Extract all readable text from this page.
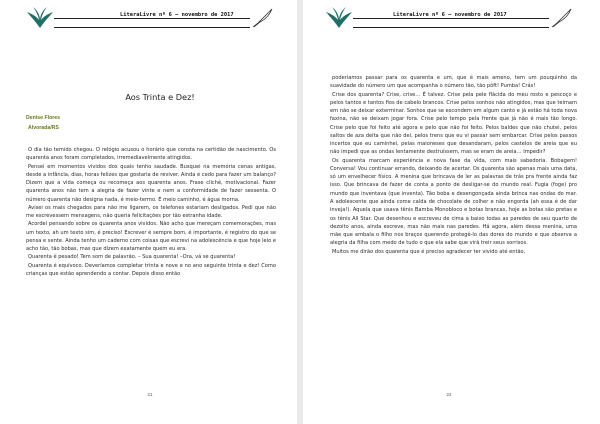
LiteraLivre nº 6 – novembro de 2017
Aos Trinta e Dez!
Denise Flores
Alvorada/RS

O dia tão temido chegou. O relógio acusou o horário que consta na certidão de nascimento. Os quarenta anos foram completados, irremediavelmente atingidos.

Pensei em momentos vividos dos quais tenho saudade. Busquei na memória cenas antigas, desde a infância, dias, horas felizes que gostaria de reviver. Ainda é cedo para fazer um balanço? Dizem que a vida começa ou recomeça aos quarenta anos. Frase clichê, motivacional. Fazer quarenta anos não tem a alegria de fazer vinte e nem a conformidade de fazer sessenta. O número quarenta não designa nada, é meio-termo. É meio caminho, é água morna.

Avisei os mais chegados para não me ligarem, os telefones estariam desligados. Pedi que não me escrevessem mensagens, não queria felicitações por tão estranha idade.

Acordei pensando sobre os quarenta anos vividos. Não acho que mereçam comemorações, mas um texto, ah um texto sim, é preciso! Escrever é sempre bom, é importante, é registro do que se pensa e sente. Ainda tenho um caderno com coisas que escrevi na adolescência e que hoje leio e acho tão, tão bobas, mas que dizem exatamente quem eu era.

Quarenta é pesado! Tem som de palavrão. – Sua quarenta! –Ora, vá se quarenta!

Quarenta é equívoco. Deveríamos completar trinta e nove e no ano seguinte trinta e dez! Como crianças que estão aprendendo a contar. Depois disso então

21
LiteraLivre nº 6 – novembro de 2017

poderíamos passar para os quarenta e um, que é mais ameno, tem um pouquinho da suavidade do número um que acompanha o número tão, tão pôft! Pumba! Crás!

Crise dos quarenta? Crise, crise… É talvez. Crise pela pele flácida do meu rosto e pescoço e pelos tantos e tantos fios de cabelo brancos. Crise pelos sonhos não atingidos, mas que teimam em não se deixar exterminar. Sonhos que se escondem em algum canto e já estão há toda nova faxina, não se deixam jogar fora. Crise pelo tempo pela frente que já não é mais tão longo. Crise pelo que foi feito até agora e pelo que não foi feito. Pelos baldes que não chutei, pelos saltos de aza delta que não dei, pelos trens que eu vi passar sem embarcar. Crise pelos passos incertos que eu caminhei, pelas maioneses que desandaram, pelos castelos de areia que eu não impedi que as ondas lentamente destruíssem, mas se eram de areia… Impedir?

Os quarenta marcam experiência e nova fase da vida, com mais sabedoria. Bobagem! Conversa! Vou continuar errando, deixando de acertar. Os quarenta são apenas mais uma data, só um envelhecer físico. A menina que brincava de ler as palavras de trás pra frente ainda faz isso. Que brincava de fazer de conta a ponto de desligar-se do mundo real. Fugia (foge) pro mundo que inventava (que inventa). Tão boba e desengonçada ainda brinca nas ondas do mar. A adolescente que ainda come calda de chocolate de colher e não engorda (ah essa é de dar inveja!). Aquela que usava tênis Bamba Monobloco e botas brancas, hoje as botas são pretas e os tênis All Star. Que desenhou e escreveu de cima a baixo todas as paredes de seu quarto de dezoito anos, ainda escreve, mas não mais nas paredes. Há agora, além dessa menina, uma mãe que embala o filho nos braços querendo protegê-lo das dores do mundo e que observa a alegria da filha com medo de tudo o que ela sabe que virá treir seus sorrisos.

Muitos me dirão dos quarenta que é preciso agradecer ter vivido até então,

22
